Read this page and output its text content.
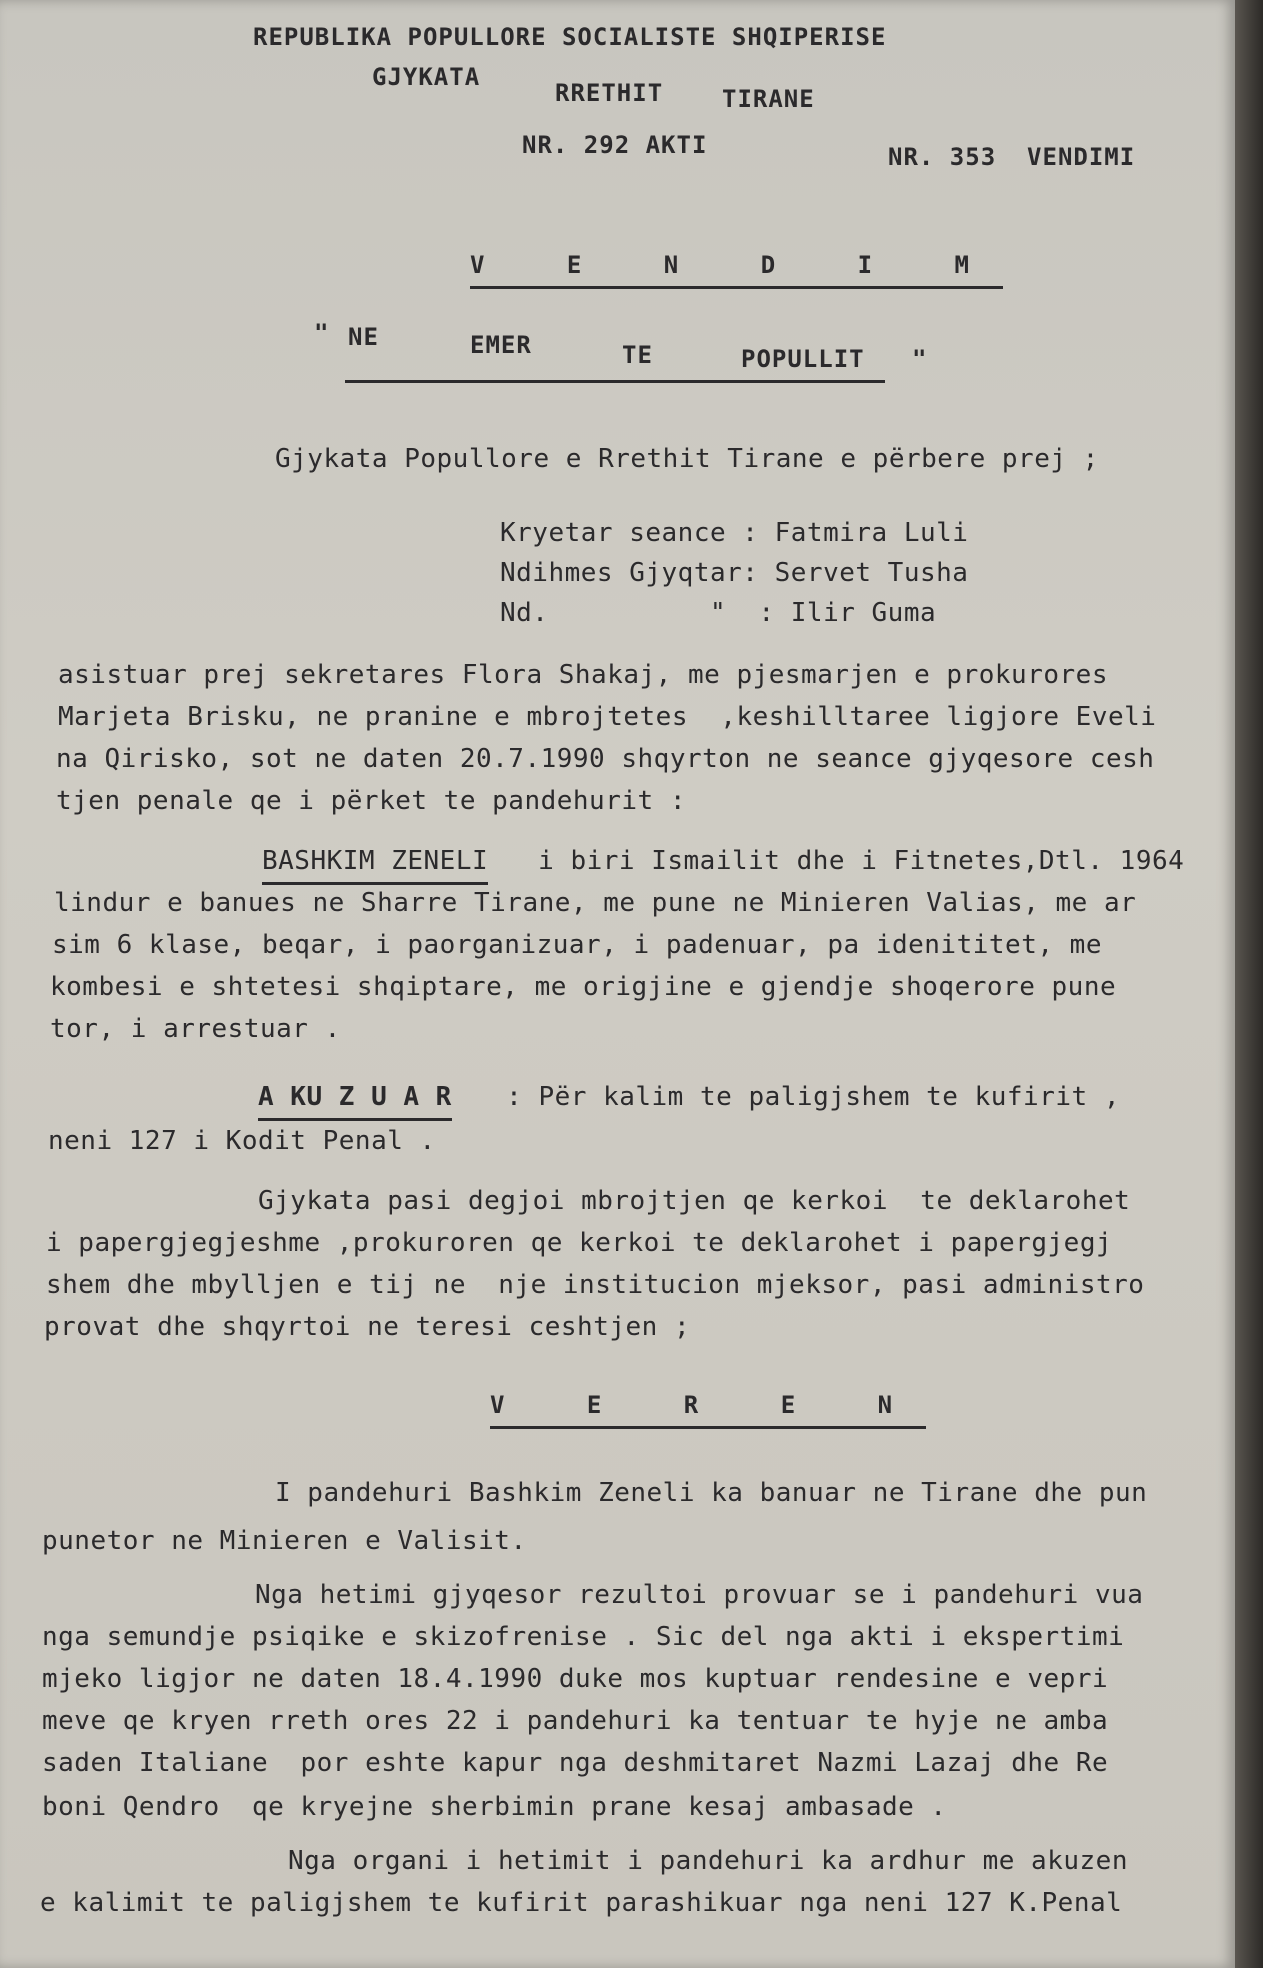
REPUBLIKA POPULLORE SOCIALISTE SHQIPERISE

GJYKATA

RRETHIT TIRANE

NR. 292 AKTI	NR. 353  VENDIMI

V E N D I M

" NE	EMER	TE	POPULLIT "

Gjykata Popullore e Rrethit Tirane e përbere prej ;

Kryetar seance : Fatmira Luli

Ndihmes Gjyqtar: Servet Tusha

Nd.          "  : Ilir Guma

asistuar prej sekretares Flora Shakaj, me pjesmarjen e prokurores

Marjeta Brisku, ne pranine e mbrojtetes  ,keshilltaree ligjore Eveli

na Qirisko, sot ne daten 20.7.1990 shqyrton ne seance gjyqesore cesh

tjen penale qe i përket te pandehurit :

BASHKIM ZENELI i biri Ismailit dhe i Fitnetes,Dtl. 1964

lindur e banues ne Sharre Tirane, me pune ne Minieren Valias, me ar

sim 6 klase, beqar, i paorganizuar, i padenuar, pa idenititet, me

kombesi e shtetesi shqiptare, me origjine e gjendje shoqerore pune

tor, i arrestuar .

A KU Z U A R : Për kalim te paligjshem te kufirit ,

neni 127 i Kodit Penal .

Gjykata pasi degjoi mbrojtjen qe kerkoi  te deklarohet

i papergjegjeshme ,prokuroren qe kerkoi te deklarohet i papergjegj

shem dhe mbylljen e tij ne  nje institucion mjeksor, pasi administro

provat dhe shqyrtoi ne teresi ceshtjen ;

V E R E N

I pandehuri Bashkim Zeneli ka banuar ne Tirane dhe pun

punetor ne Minieren e Valisit.

Nga hetimi gjyqesor rezultoi provuar se i pandehuri vua

nga semundje psiqike e skizofrenise . Sic del nga akti i ekspertimi

mjeko ligjor ne daten 18.4.1990 duke mos kuptuar rendesine e vepri

meve qe kryen rreth ores 22 i pandehuri ka tentuar te hyje ne amba

saden Italiane  por eshte kapur nga deshmitaret Nazmi Lazaj dhe Re

boni Qendro  qe kryejne sherbimin prane kesaj ambasade .

Nga organi i hetimit i pandehuri ka ardhur me akuzen

e kalimit te paligjshem te kufirit parashikuar nga neni 127 K.Penal
